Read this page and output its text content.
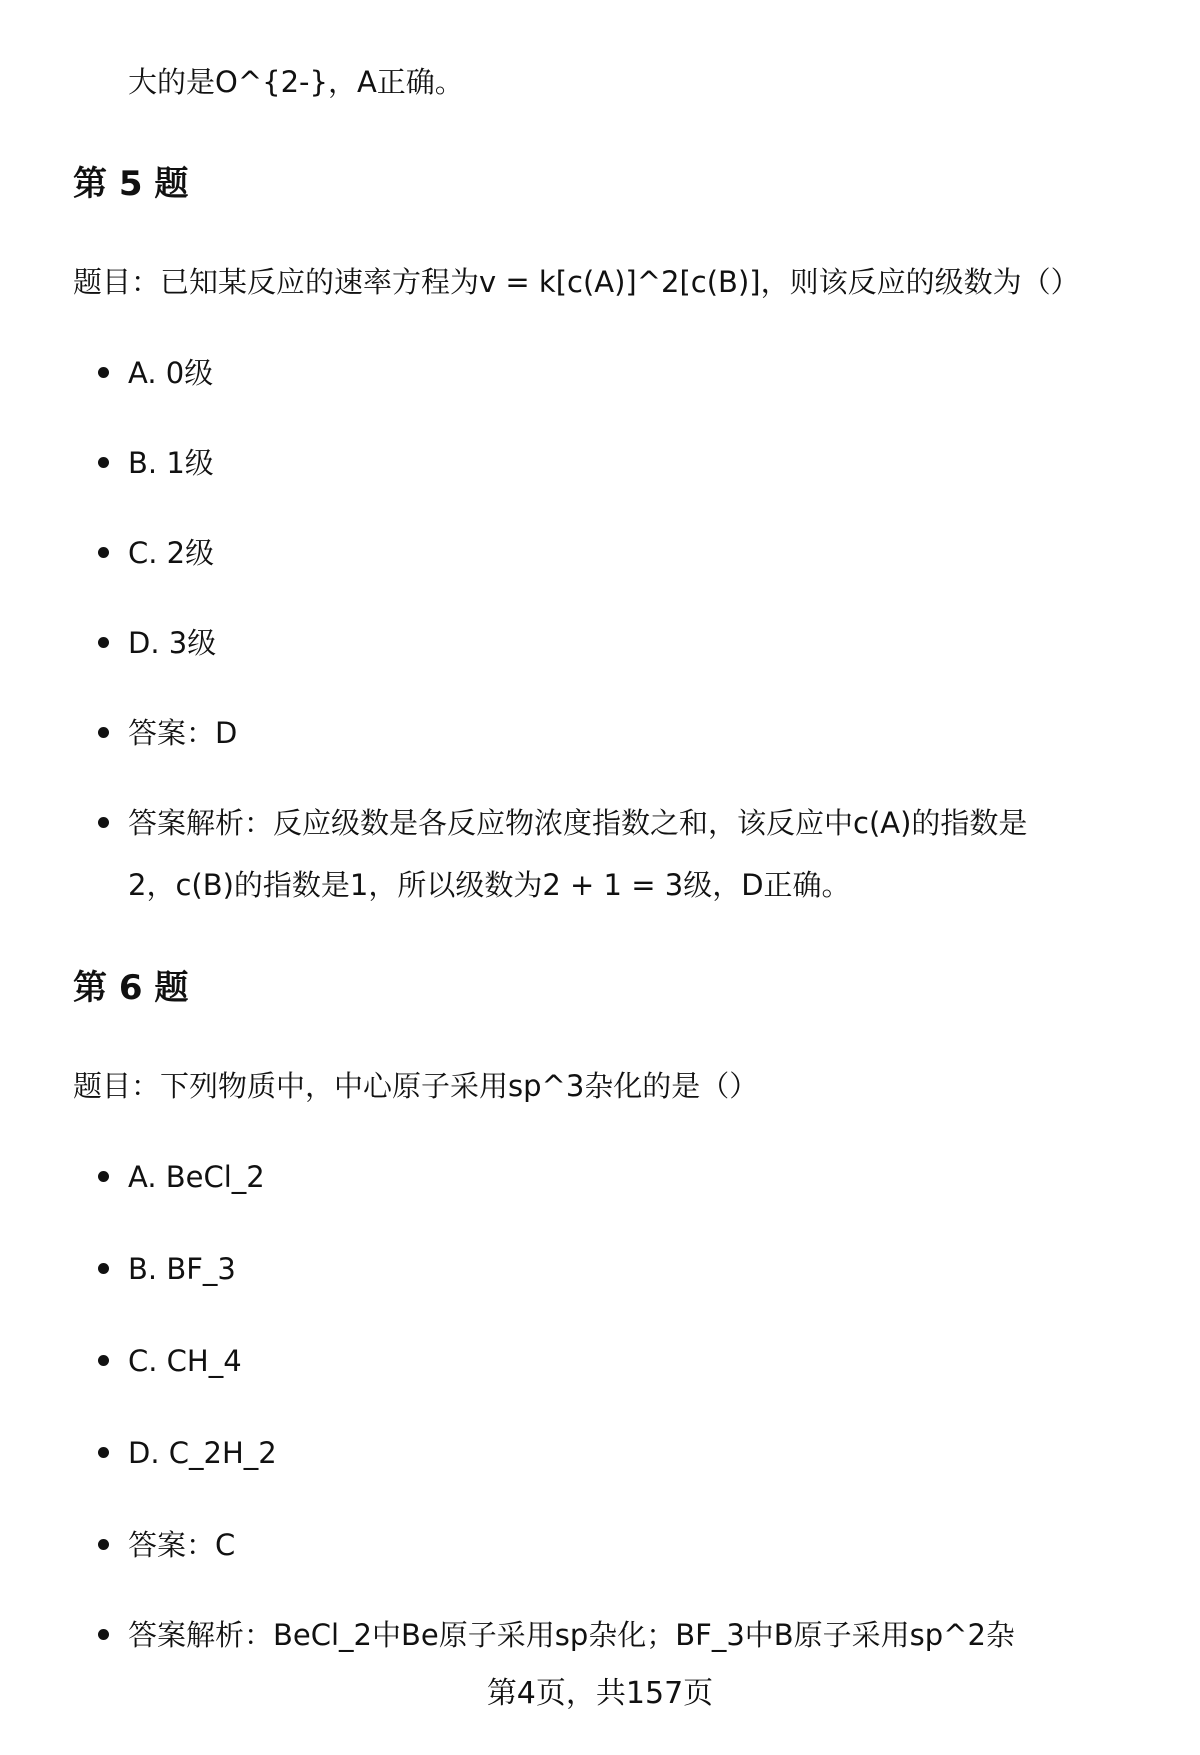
大的是O^{2-}，A正确。
第 5 题
题目：已知某反应的速率方程为v = k[c(A)]^2[c(B)]，则该反应的级数为（）
A. 0级
B. 1级
C. 2级
D. 3级
答案：D
答案解析：反应级数是各反应物浓度指数之和，该反应中c(A)的指数是2，c(B)的指数是1，所以级数为2 + 1 = 3级，D正确。
第 6 题
题目：下列物质中，中心原子采用sp^3杂化的是（）
A. BeCl_2
B. BF_3
C. CH_4
D. C_2H_2
答案：C
答案解析：BeCl_2中Be原子采用sp杂化；BF_3中B原子采用sp^2杂
第4页，共157页
